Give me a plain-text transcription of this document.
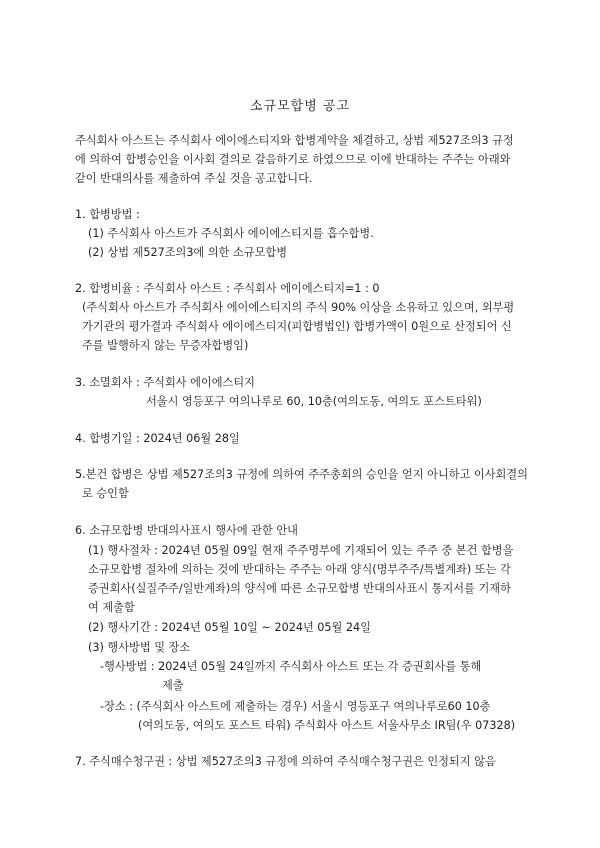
소규모합병 공고
주식회사 아스트는 주식회사 에이에스티지와 합병계약을 체결하고, 상법 제527조의3 규정
에 의하여 합병승인을 이사회 결의로 갈음하기로 하였으므로 이에 반대하는 주주는 아래와
같이 반대의사를 제출하여 주실 것을 공고합니다.
1. 합병방법 :
(1) 주식회사 아스트가 주식회사 에이에스티지를 흡수합병.
(2) 상법 제527조의3에 의한 소규모합병
2. 합병비율 : 주식회사 아스트 : 주식회사 에이에스티지=1 : 0
(주식회사 아스트가 주식회사 에이에스티지의 주식 90% 이상을 소유하고 있으며, 외부평
가기관의 평가결과 주식회사 에이에스티지(피합병법인) 합병가액이 0원으로 산정되어 신
주를 발행하지 않는 무증자합병임)
3. 소멸회사 : 주식회사 에이에스티지
서울시 영등포구 여의나루로 60, 10층(여의도동, 여의도 포스트타워)
4. 합병기일 : 2024년 06월 28일
5.본건 합병은 상법 제527조의3 규정에 의하여 주주총회의 승인을 얻지 아니하고 이사회결의
로 승인함
6. 소규모합병 반대의사표시 행사에 관한 안내
(1) 행사절차 : 2024년 05월 09일 현재 주주명부에 기재되어 있는 주주 중 본건 합병을
소규모합병 절차에 의하는 것에 반대하는 주주는 아래 양식(명부주주/특별계좌) 또는 각
증권회사(실질주주/일반계좌)의 양식에 따른 소규모합병 반대의사표시 통지서를 기재하
여 제출함
(2) 행사기간 : 2024년 05월 10일 ~ 2024년 05월 24일
(3) 행사방법 및 장소
-행사방법 : 2024년 05월 24일까지 주식회사 아스트 또는 각 증권회사를 통해
제출
-장소 : (주식회사 아스트에 제출하는 경우) 서울시 영등포구 여의나루로60 10층
(여의도동, 여의도 포스트 타워) 주식회사 아스트 서울사무소 IR팀(우 07328)
7. 주식매수청구권 : 상법 제527조의3 규정에 의하여 주식매수청구권은 인정되지 않음
